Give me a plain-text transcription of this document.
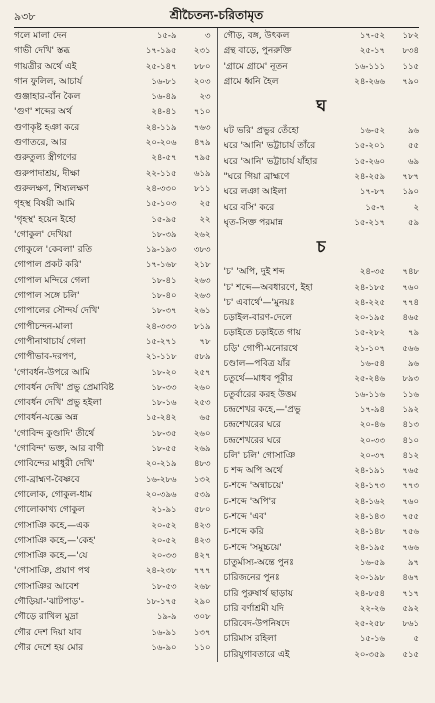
৯৩৮	শ্রীচৈতন্য-চরিতামৃত
গলে মালা দেন	১৫-৯	৩
গাভী দেখি' স্তব্ধ	১৭-১৯৫	২৩১
গায়ত্রীর অর্থে এই	২৫-১৪৭	৮৮০
গান ফুলিল, আচার্য	১৬-৮১	২০৩
গুঞ্জাহার-বাঁন কৈল	১৬-৪৯	২৩
'গুণ' শব্দের অর্থ	২৪-৪১	৭১০
গুণাকৃষ্ট হঞা করে	২৪-১১৯	৭৬৩
গুণাতরে, আর	২০-২০৬	৪৭৯
গুরুতুল্য স্ত্রীগণের	২৪-৫৭	৭৯৫
গুরুপাদাশ্রয়, দীক্ষা	২২-১১৫	৬১৯
গুরুলক্ষণ, শিষ্যলক্ষণ	২৪-৩৩০	৮১১
গৃহস্থ বিষয়ী আমি	১৫-১০৩	২৫
'গৃহস্থ' হয়েন ইহো	১৫-৯৫	২২
'গোকুল' দেখিয়া	১৮-৩৯	২৬২
গোকুলে 'কেবলা' রতি	১৯-১৯৩	৩৮৩
গোপাল প্রকট করি'	১৭-১৬৮	২১৮
গোপাল মন্দিরে গেলা	১৮-৪১	২৬৩
গোপাল সঙ্গে চলি'	১৮-৪০	২৬৩
গোপালের সৌন্দর্য দেখি'	১৮-৩৭	২৬১
গোপীচন্দন-মালা	২৪-৩৩৩	৮১৯
গোপীনাথাচার্য গেলা	১৫-২৭১	৭৮
গোপীভাব-দরপণ,	২১-১১৮	৫৮৯
'গোবর্ধন-উপরে আমি	১৮-২০	২৫৭
গোবর্ধন দেখি' প্রভু প্রেমাবিষ্ট	১৮-৩৩	২৬০
গোবর্ধন দেখি' প্রভু হইলা	১৮-১৬	২৫৩
গোবর্ধন-যজ্ঞে অন্ন	১৫-২৪২	৬৫
'গোবিন্দ কুণ্ডাদি' তীর্থে	১৮-৩৫	২৬০
'গোবিন্দ' ভক্ত, আর বাণী	১৮-৫৫	২৬৯
গোবিন্দের মাধুরী দেখি'	২০-২১৯	৪৮৩
গো-ব্রাহ্মণ-বৈষ্ণবে	১৬-২৮৬	১৩২
গোলোক, গোকুল-ধাম	২০-৩৯৬	৫৩৯
গোলোকাখ্য গোকুল	২১-৯১	৫৮০
গোসাঞি কহে,—এক	২০-৫২	৪২৩
গোসাঞি কহে,—'কেহ'	২০-৫২	৪২৩
গোসাঞি কহে,—'যে	২০-৩৩	৪২৭
'গোসাঞি, প্রয়াণ পথ	২৪-২৩৮	৭৭৭
গোসাঞির আবেশ	১৮-৫৩	২৬৮
গৌড়িয়া-'ঝাটপাড়'-	১৮-১৭৫	২৯০
গৌড়ে রাখিল মুদ্রা	১৯-৯	৩০৮
গৌর দেশ দিয়া যাব	১৬-৯১	১৩৭
গৌর দেশে হয় মোর	১৬-৯০	১১০
গৌড়, বঙ্গ, উৎকল	১৭-৫২	১৮২
গ্রন্থ বাড়ে, পুনরুক্তি	২৫-১৭	৮৩৪
'গ্রামে গ্রামে' নূতন	১৬-১১১	১১৫
গ্রামে ধ্বনি হৈল	২৪-২৬৬	৭৯০
ঘ
ঘট ভরি' প্রভুর তেঁহো	১৬-৫২	৯৬
ঘরে 'আনি' ভট্টাচার্য তাঁরে	১৫-২০১	৫৫
ঘরে 'আনি' ভট্টাচার্য যাঁহার	১৫-২৬০	৬৯
"ঘরে গিয়া ব্রাহ্মণে	২৪-২৫৯	৭৮৭
ঘরে লঞা আইলা	১৭-৮৭	১৯০
ঘরে বসি' করে	১৫-৭	২
ঘৃত-সিক্ত পরমান্ন	১৫-২১৭	৫৯
চ
'চ' 'অপি, দুই শব্দ	২৪-৩৫	৭৪৮
'চ' শব্দে—অবধারণে, ইহা	২৪-১৮৫	৭৬০
'চ' এবার্থে'—'মুনয়ঃ	২৪-২২৫	৭৭৪
চড়াইল-বারণ-দেলে	২০-১৯৫	৪৬৫
চড়াইতে চড়াইতে গায়	১৫-২৮২	৭৯
চড়ি' গোপী-মনোরথে	২১-১০৭	৫৬৬
চণ্ডাল—পবিত্র যাঁর	১৬-৫৪	৯৬
চতুর্থে—মাধব পূরীর	২৫-২৪৬	৮৯৩
চতুর্বারের করহ উত্তম	১৬-১১৬	১১৬
চন্দ্রশেখর কহে,—'প্রভু	১৭-৯৪	১৯২
চন্দ্রশেখরের ঘরে	২০-৪৬	৪১৩
চন্দ্রশেখরের ঘরে	২০-৩৩	৪১০
চলি' চলি' গোসাঞি	২০-৩৭	৪১২
চ শব্দ অপি অর্থে	২৪-১৯১	৭৬৫
চ-শব্দে 'অন্বাচয়ে'	২৪-১৭৩	৭৭৩
চ-শব্দে 'অপি'র	২৪-১৬২	৭৬০
চ-শব্দে 'এব'	২৪-১৪৩	৭৫৫
চ-শব্দে করি	২৪-১৪৮	৭৫৬
চ-শব্দে 'সমুচ্চয়ে'	২৪-১৯৫	৭৬৬
চাতুর্মাস্য-অন্তে পুনঃ	১৬-৫৯	৯৭
চারিজনের পুনঃ	২০-১৯৮	৪৬৭
চারি পুরুষার্থ ছাড়ায়	২৪-৮৫৪	৭১৭
চারি বর্ণাশ্রমী যদি	২২-২৬	৫৯২
চারিবেদ-উপনিষদে	২৫-২৫৮	৮৬১
চারিমাস রহিলা	১৫-১৬	৫
চারিযুগাবতারে এই	২০-৩৫৯	৫১৫
